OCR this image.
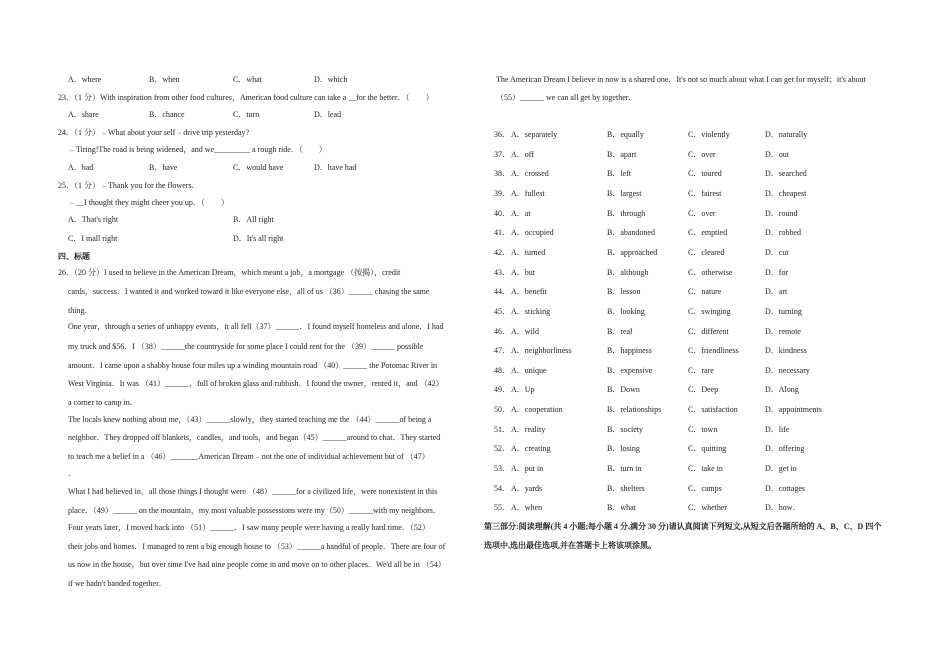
A．where	B．when	C．what	D．which
23．（1 分）With inspiration from other food cultures，American food culture can take a __for the better．（　　）
A．share	B．chance	C．turn	D．lead
24．（1 分）﹣What about your self﹣drive trip yesterday?
﹣Tiring!The road is being widened，and we_________ a rough ride．（　　）
A．had	B．have	C．would have	D．have had
25．（1 分）﹣Thank you for the flowers．
﹣__I thought they might cheer you up．（　　）
A．That's right	B．All right
C．I mall right	D．It's all right
四、标题
26．（20 分）I used to believe in the American Dream，which meant a job，a mortgage （按揭），credit
cards，success．I wanted it and worked toward it like everyone else，all of us （36）______ chasing the same
thing．
One year，through a series of unhappy events，it all fell（37）______．I found myself homeless and alone．I had
my truck and $56．I （38）______the countryside for some place I could rent for the （39）______ possible
amount．I came upon a shabby house four miles up a winding mountain road （40）______ the Potomac River in
West Virginia．It was （41）______，full of broken glass and rubbish．I found the owner，rented it，and （42）
a corner to camp in．
The locals knew nothing about me，（43）______slowly，they started teaching me the （44）______of being a
neighbor．They dropped off blankets，candles，and tools，and began（45）______around to chat．They started
to teach me a belief in a （46）_______American Dream﹣not the one of individual achievement but of （47）
．
What I had believed in，all those things I thought were （48）______for a civilized life，were nonexistent in this
place．（49）______ on the mountain，my most valuable possessions were my（50）______with my neighbors．
Four years later，I moved back into （51）______．I saw many people were having a really hard time．（52）
their jobs and homes．I managed to rent a big enough house to （53）______a handful of people．There are four of
us now in the house，but over time I've had nine people come in and move on to other places．We'd all be in （54）
if we hadn't banded together．
The American Dream I believe in now is a shared one．It's not so much about what I can get for myself；it's about
（55）______ we can all get by together．
36． A．separately	B．equally	C．violently	D．naturally
37． A．off	B．apart	C．over	D．out
38． A．crossed	B．left	C．toured	D．searched
39． A．fullest	B．largest	C．fairest	D．cheapest
40． A．at	B．through	C．over	D．round
41． A．occupied	B．abandoned	C．emptied	D．robbed
42． A．turned	B．approached	C．cleared	D．cut
43． A．but	B．although	C．otherwise	D．for
44． A．benefit	B．lesson	C．nature	D．art
45． A．sticking	B．looking	C．swinging	D．turning
46． A．wild	B．real	C．different	D．remote
47． A．neighborliness	B．happiness	C．friendliness	D．kindness
48． A．unique	B．expensive	C．rare	D．necessary
49． A．Up	B．Down	C．Deep	D．Along
50． A．cooperation	B．relationships	C．satisfaction	D．appointments
51． A．reality	B．society	C．town	D．life
52． A．creating	B．losing	C．quitting	D．offering
53． A．put in	B．turn in	C．take in	D．get in
54． A．yards	B．shelters	C．camps	D．cottages
55． A．when	B．what	C．whether	D．how．
第三部分:阅读理解(共 4 小题;每小题 4 分,满分 30 分)请认真阅读下列短文,从短文后各题所给的 A、B、C、D 四个
选项中,选出最佳选项,并在答题卡上将该项涂黑。
